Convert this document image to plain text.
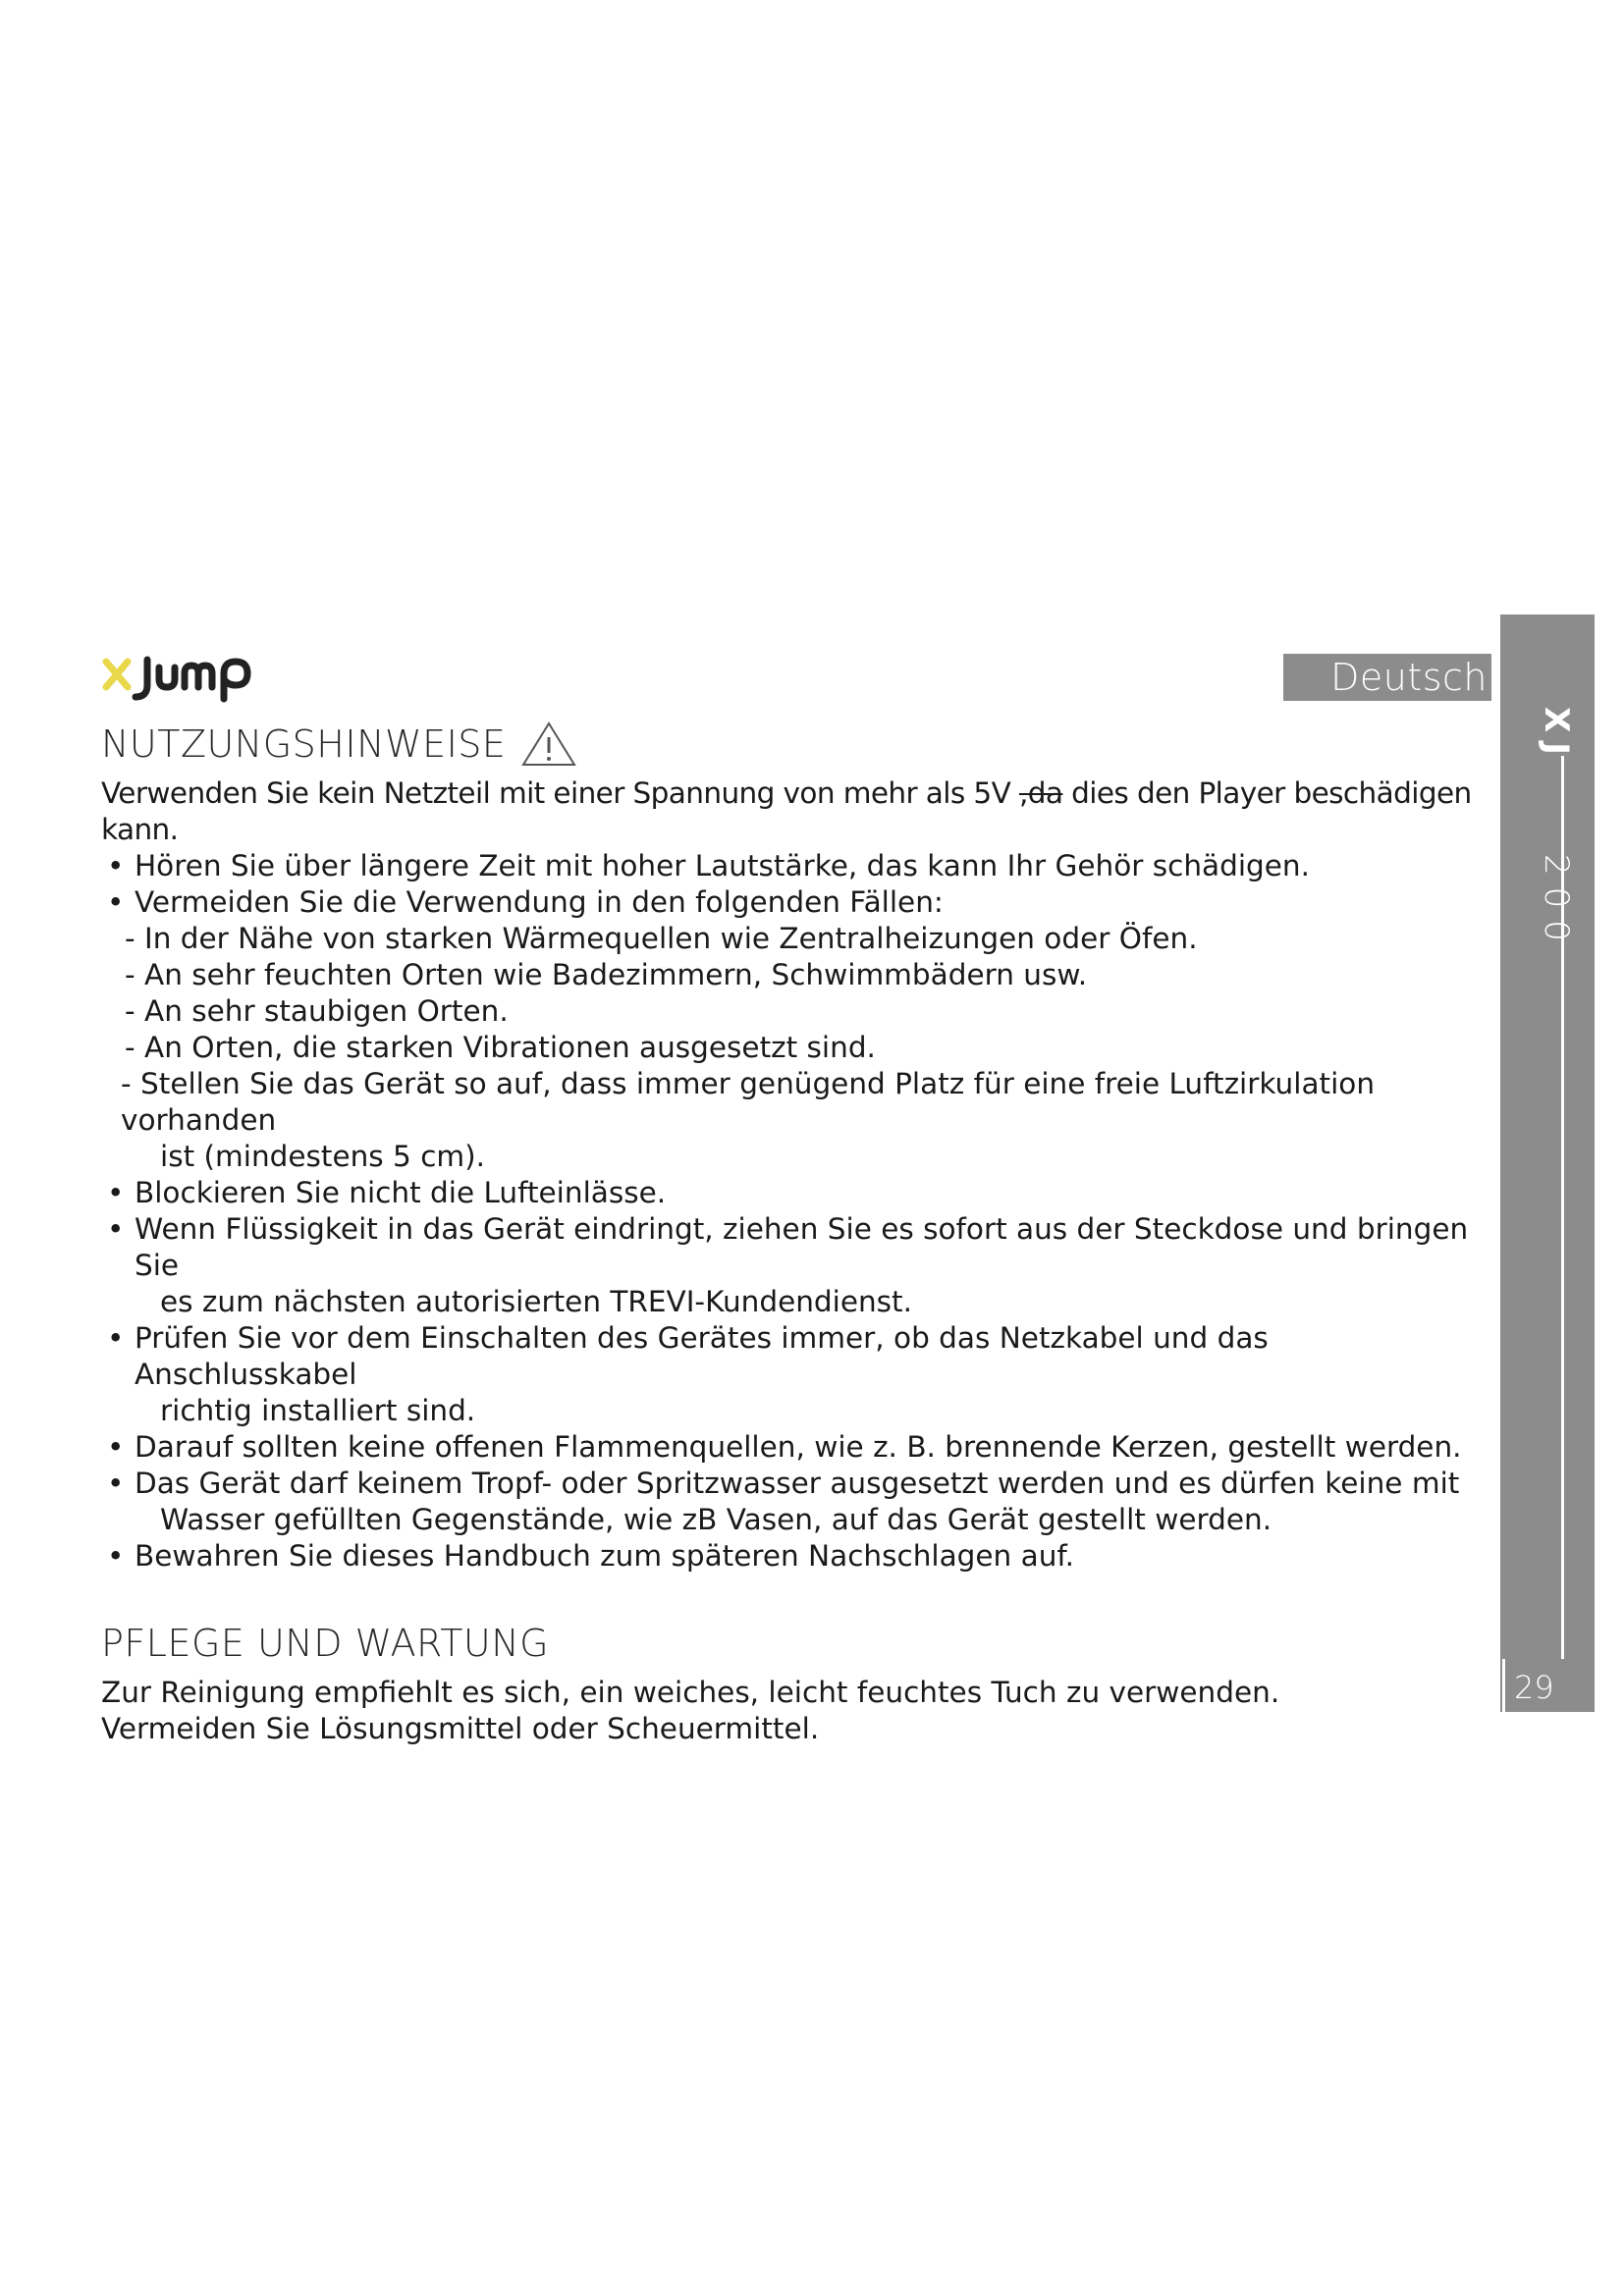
Deutsch
XJ 200
29
NUTZUNGSHINWEISE

Verwenden Sie kein Netzteil mit einer Spannung von mehr als 5V ,da dies den Player beschädigen kann.

• Hören Sie über längere Zeit mit hoher Lautstärke, das kann Ihr Gehör schädigen.

• Vermeiden Sie die Verwendung in den folgenden Fällen:

- In der Nähe von starken Wärmequellen wie Zentralheizungen oder Öfen.

- An sehr feuchten Orten wie Badezimmern, Schwimmbädern usw.

- An sehr staubigen Orten.

- An Orten, die starken Vibrationen ausgesetzt sind.

- Stellen Sie das Gerät so auf, dass immer genügend Platz für eine freie Luftzirkulation vorhanden
ist (mindestens 5 cm).

• Blockieren Sie nicht die Lufteinlässe.

• Wenn Flüssigkeit in das Gerät eindringt, ziehen Sie es sofort aus der Steckdose und bringen Sie
es zum nächsten autorisierten TREVI-Kundendienst.

• Prüfen Sie vor dem Einschalten des Gerätes immer, ob das Netzkabel und das Anschlusskabel
richtig installiert sind.

• Darauf sollten keine offenen Flammenquellen, wie z. B. brennende Kerzen, gestellt werden.

• Das Gerät darf keinem Tropf- oder Spritzwasser ausgesetzt werden und es dürfen keine mit
Wasser gefüllten Gegenstände, wie zB Vasen, auf das Gerät gestellt werden.

• Bewahren Sie dieses Handbuch zum späteren Nachschlagen auf.

PFLEGE UND WARTUNG

Zur Reinigung empfiehlt es sich, ein weiches, leicht feuchtes Tuch zu verwenden.

Vermeiden Sie Lösungsmittel oder Scheuermittel.
